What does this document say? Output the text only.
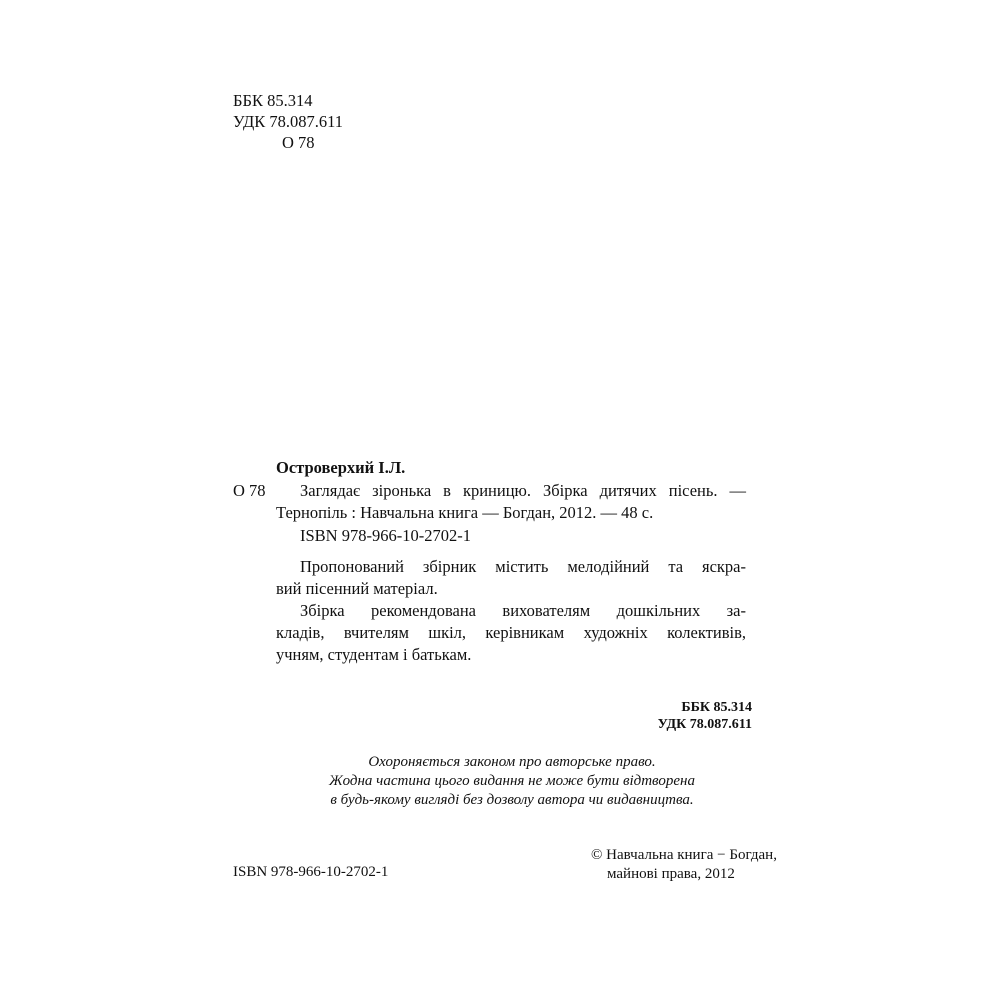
ББК 85.314
УДК 78.087.611
О 78
Островерхий І.Л.
О 78 Заглядає зіронька в криницю. Збірка дитячих пісень. —
Тернопіль : Навчальна книга — Богдан, 2012. — 48 с.
ISBN 978-966-10-2702-1
Пропонований збірник містить мелодійний та яскра-
вий пісенний матеріал.
Збірка рекомендована вихователям дошкільних за-
кладів, вчителям шкіл, керівникам художніх колективів,
учням, студентам і батькам.
ББК 85.314
УДК 78.087.611
Охороняється законом про авторське право.
Жодна частина цього видання не може бути відтворена
в будь-якому вигляді без дозволу автора чи видавництва.
ISBN 978-966-10-2702-1
© Навчальна книга − Богдан,
майнові права, 2012
